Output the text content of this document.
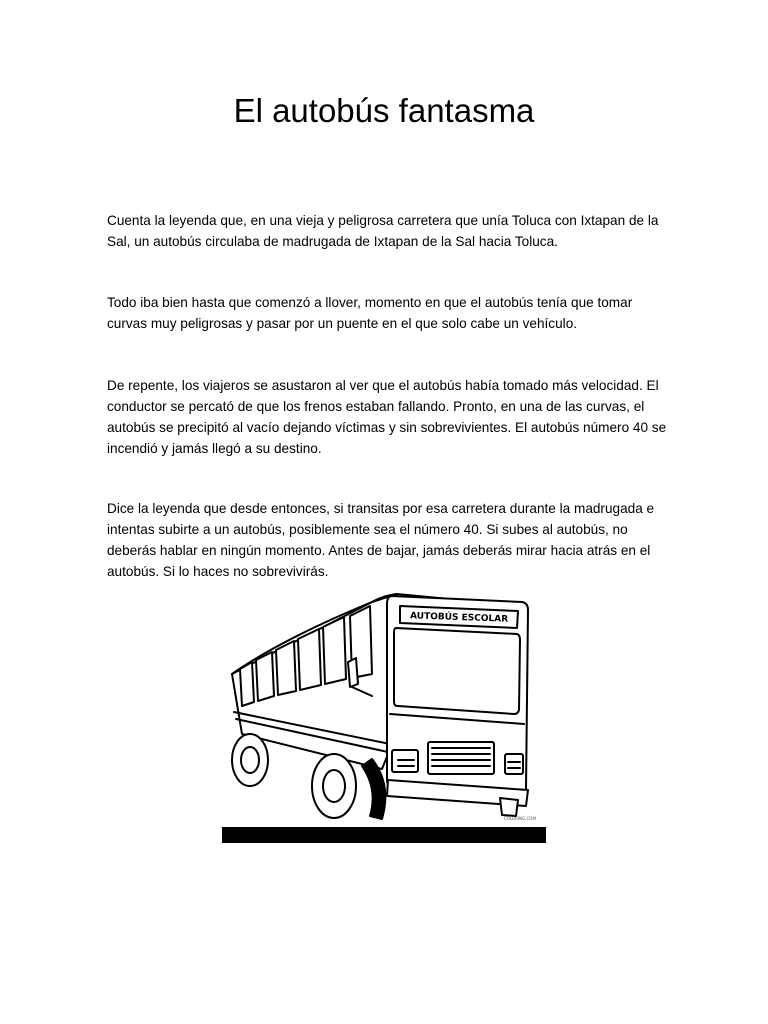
El autobús fantasma

Cuenta la leyenda que, en una vieja y peligrosa carretera que unía Toluca con Ixtapan de la Sal, un autobús circulaba de madrugada de Ixtapan de la Sal hacia Toluca.

Todo iba bien hasta que comenzó a llover, momento en que el autobús tenía que tomar curvas muy peligrosas y pasar por un puente en el que solo cabe un vehículo.

De repente, los viajeros se asustaron al ver que el autobús había tomado más velocidad. El conductor se percató de que los frenos estaban fallando. Pronto, en una de las curvas, el autobús se precipitó al vacío dejando víctimas y sin sobrevivientes. El autobús número 40 se incendió y jamás llegó a su destino.

Dice la leyenda que desde entonces, si transitas por esa carretera durante la madrugada e intentas subirte a un autobús, posiblemente sea el número 40. Si subes al autobús, no deberás hablar en ningún momento. Antes de bajar, jamás deberás mirar hacia atrás en el autobús. Si lo haces no sobrevivirás.

AUTOBÚS ESCOLAR
COLORING.COM
